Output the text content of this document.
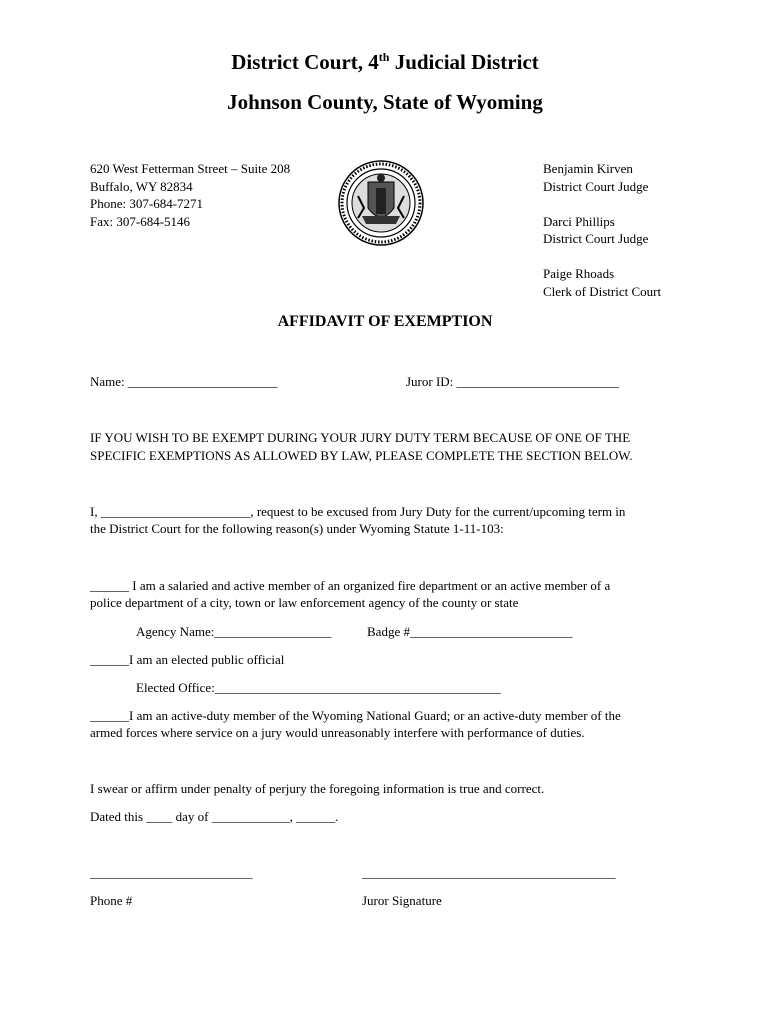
District Court, 4th Judicial District
Johnson County, State of Wyoming
620 West Fetterman Street – Suite 208
Buffalo, WY 82834
Phone: 307-684-7271
Fax: 307-684-5146
Benjamin Kirven
District Court Judge
Darci Phillips
District Court Judge
Paige Rhoads
Clerk of District Court
AFFIDAVIT OF EXEMPTION
Name: _______________________	Juror ID: _________________________
IF YOU WISH TO BE EXEMPT DURING YOUR JURY DUTY TERM BECAUSE OF ONE OF THE
SPECIFIC EXEMPTIONS AS ALLOWED BY LAW, PLEASE COMPLETE THE SECTION BELOW.
I, _______________________, request to be excused from Jury Duty for the current/upcoming term in
the District Court for the following reason(s) under Wyoming Statute 1-11-103:
______ I am a salaried and active member of an organized fire department or an active member of a
police department of a city, town or law enforcement agency of the county or state
Agency Name:__________________	Badge #_________________________
______I am an elected public official
Elected Office:____________________________________________
______I am an active-duty member of the Wyoming National Guard; or an active-duty member of the
armed forces where service on a jury would unreasonably interfere with performance of duties.
I swear or affirm under penalty of perjury the foregoing information is true and correct.
Dated this ____ day of ____________, ______.
_________________________	_______________________________________
Phone #	Juror Signature
